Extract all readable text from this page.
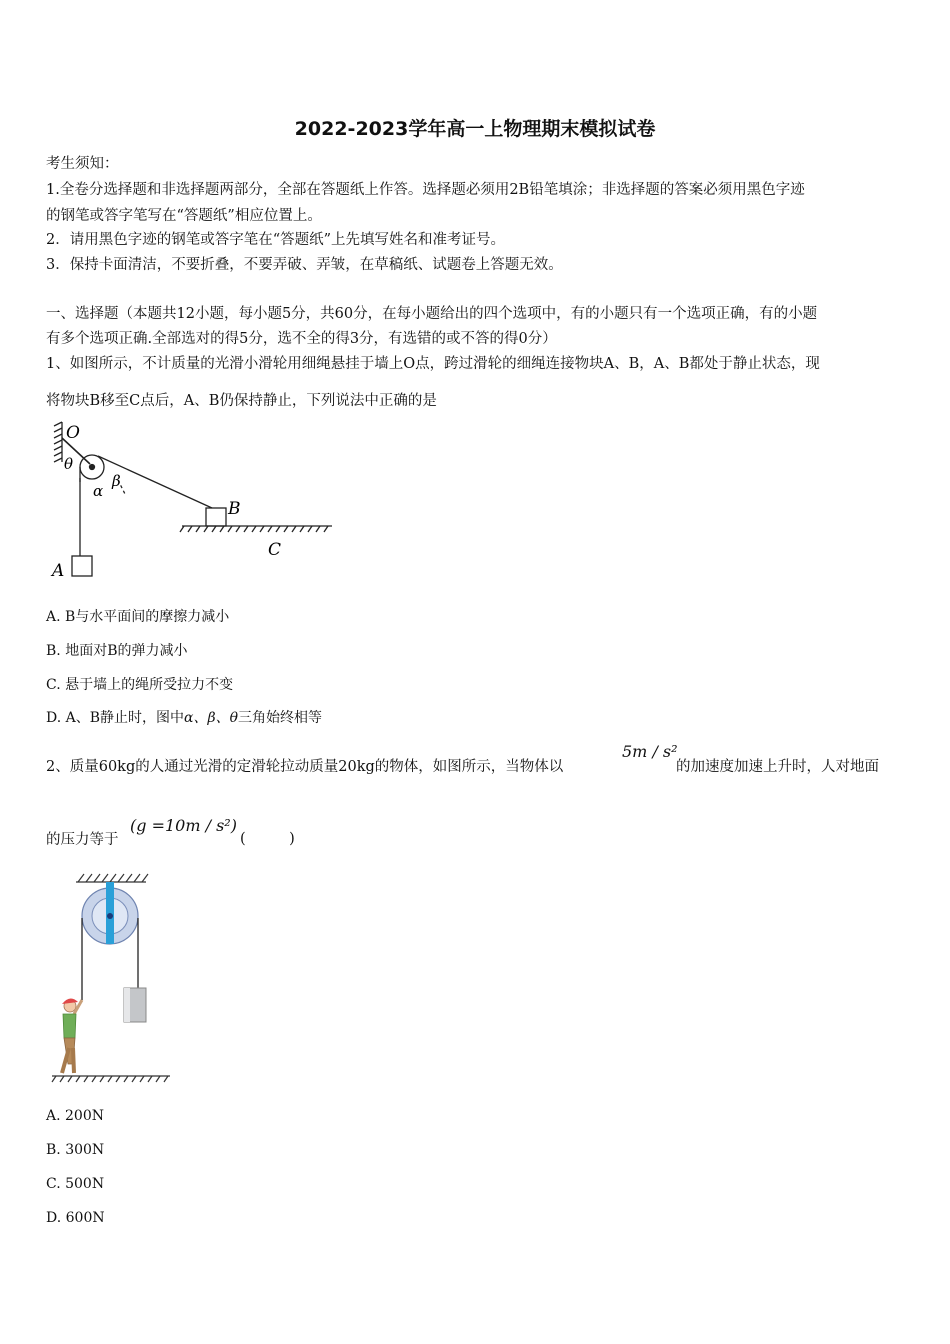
2022-2023学年高一上物理期末模拟试卷
考生须知：
1.全卷分选择题和非选择题两部分，全部在答题纸上作答。选择题必须用2B铅笔填涂；非选择题的答案必须用黑色字迹
的钢笔或答字笔写在“答题纸”相应位置上。
2．请用黑色字迹的钢笔或答字笔在“答题纸”上先填写姓名和准考证号。
3．保持卡面清洁，不要折叠，不要弄破、弄皱，在草稿纸、试题卷上答题无效。
一、选择题（本题共12小题，每小题5分，共60分，在每小题给出的四个选项中，有的小题只有一个选项正确，有的小题
有多个选项正确.全部选对的得5分，选不全的得3分，有选错的或不答的得0分）
1、如图所示，不计质量的光滑小滑轮用细绳悬挂于墙上O点，跨过滑轮的细绳连接物块A、B，A、B都处于静止状态，现
将物块B移至C点后，A、B仍保持静止，下列说法中正确的是
O
θ
α
β
A
B
C
A. B与水平面间的摩擦力减小
B. 地面对B的弹力减小
C. 悬于墙上的绳所受拉力不变
D. A、B静止时，图中α、β、θ三角始终相等
2、质量60kg的人通过光滑的定滑轮拉动质量20kg的物体，如图所示，当物体以
5m / s²
的加速度加速上升时，人对地面
的压力等于
(g =10m / s²)
(　　　)
A. 200N
B. 300N
C. 500N
D. 600N
